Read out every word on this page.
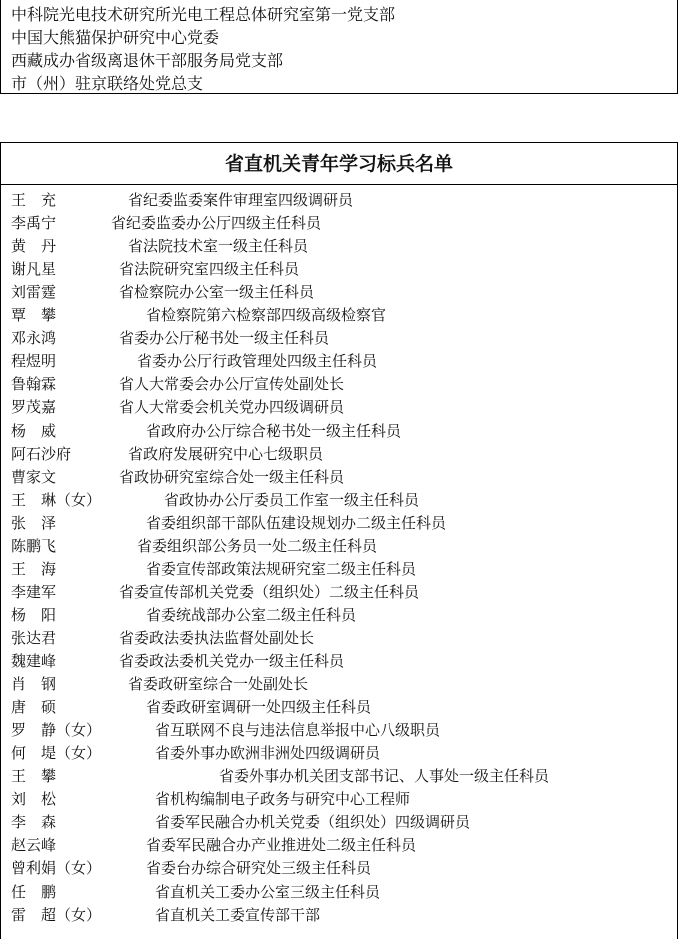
中科院光电技术研究所光电工程总体研究室第一党支部
中国大熊猫保护研究中心党委
西藏成办省级离退休干部服务局党支部
市（州）驻京联络处党总支
省直机关青年学习标兵名单
王　充	省纪委监委案件审理室四级调研员
李禹宁	省纪委监委办公厅四级主任科员
黄　丹	省法院技术室一级主任科员
谢凡星	省法院研究室四级主任科员
刘雷霆	省检察院办公室一级主任科员
覃　攀	省检察院第六检察部四级高级检察官
邓永鸿	省委办公厅秘书处一级主任科员
程煜明	省委办公厅行政管理处四级主任科员
鲁翰霖	省人大常委会办公厅宣传处副处长
罗茂嘉	省人大常委会机关党办四级调研员
杨　威	省政府办公厅综合秘书处一级主任科员
阿石沙府	省政府发展研究中心七级职员
曹家文	省政协研究室综合处一级主任科员
王　琳（女）	省政协办公厅委员工作室一级主任科员
张　泽	省委组织部干部队伍建设规划办二级主任科员
陈鹏飞	省委组织部公务员一处二级主任科员
王　海	省委宣传部政策法规研究室二级主任科员
李建军	省委宣传部机关党委（组织处）二级主任科员
杨　阳	省委统战部办公室二级主任科员
张达君	省委政法委执法监督处副处长
魏建峰	省委政法委机关党办一级主任科员
肖　钢	省委政研室综合一处副处长
唐　硕	省委政研室调研一处四级主任科员
罗　静（女）	省互联网不良与违法信息举报中心八级职员
何　堤（女）	省委外事办欧洲非洲处四级调研员
王　攀	省委外事办机关团支部书记、人事处一级主任科员
刘　松	省机构编制电子政务与研究中心工程师
李　森	省委军民融合办机关党委（组织处）四级调研员
赵云峰	省委军民融合办产业推进处二级主任科员
曾利娟（女）	省委台办综合研究处三级主任科员
任　鹏	省直机关工委办公室三级主任科员
雷　超（女）	省直机关工委宣传部干部
